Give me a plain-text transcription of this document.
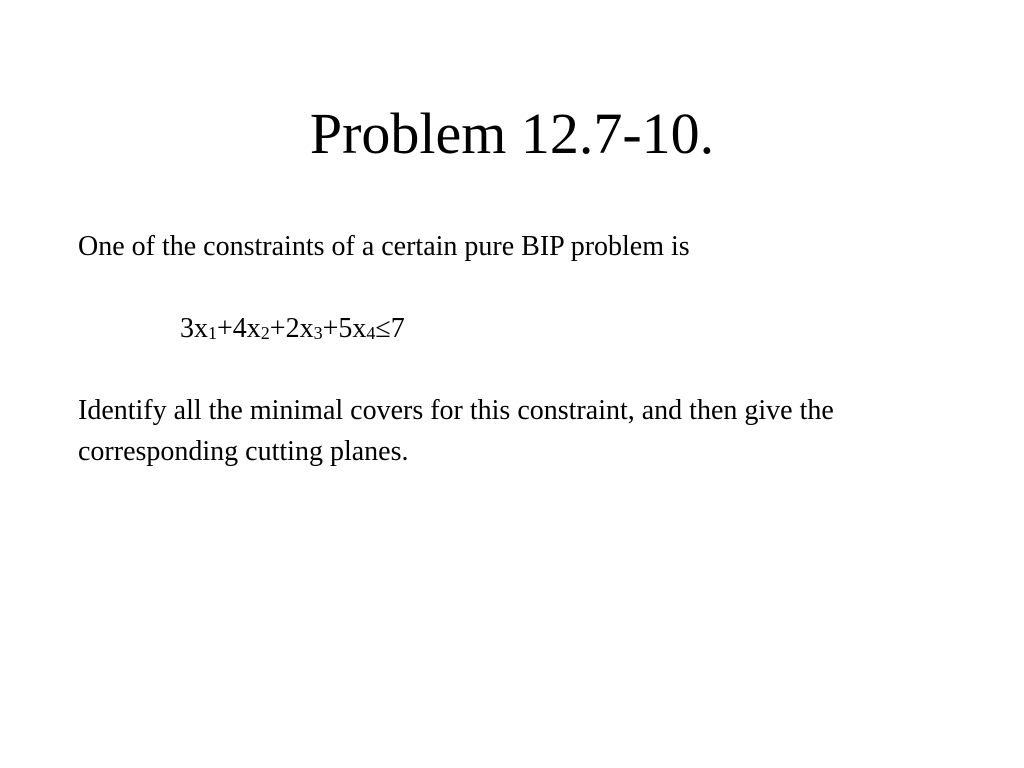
Problem 12.7-10.

One of the constraints of a certain pure BIP problem is

$3x_1+4x_2+2x_3+5x_4\le 7$

Identify all the minimal covers for this constraint, and then give the corresponding cutting planes.
